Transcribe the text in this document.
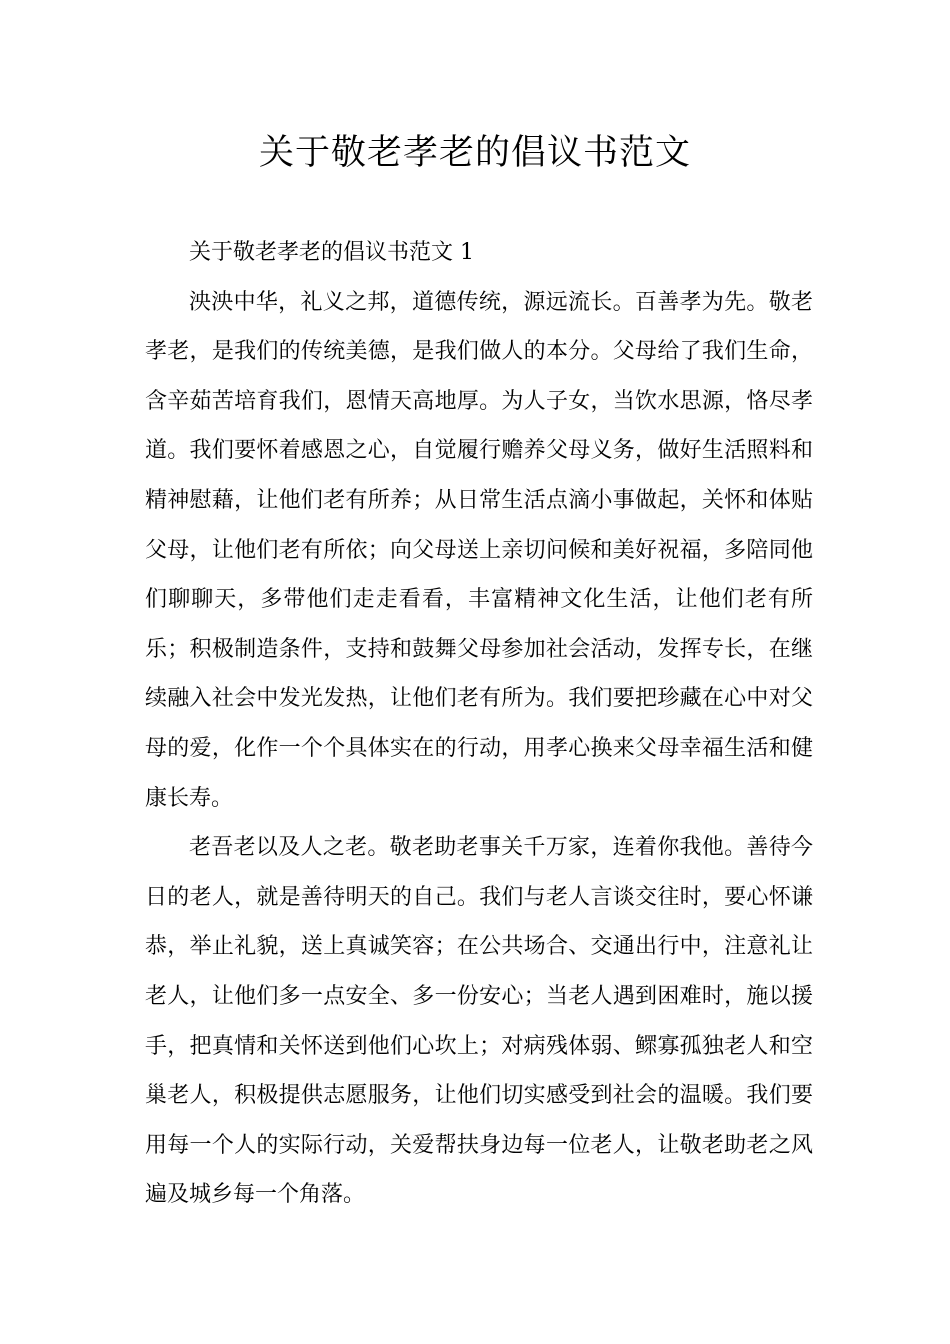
关于敬老孝老的倡议书范文

关于敬老孝老的倡议书范文 1

泱泱中华，礼义之邦，道德传统，源远流长。百善孝为先。敬老孝老，是我们的传统美德，是我们做人的本分。父母给了我们生命，含辛茹苦培育我们，恩情天高地厚。为人子女，当饮水思源，恪尽孝道。我们要怀着感恩之心，自觉履行赡养父母义务，做好生活照料和精神慰藉，让他们老有所养；从日常生活点滴小事做起，关怀和体贴父母，让他们老有所依；向父母送上亲切问候和美好祝福，多陪同他们聊聊天，多带他们走走看看，丰富精神文化生活，让他们老有所乐；积极制造条件，支持和鼓舞父母参加社会活动，发挥专长，在继续融入社会中发光发热，让他们老有所为。我们要把珍藏在心中对父母的爱，化作一个个具体实在的行动，用孝心换来父母幸福生活和健康长寿。

老吾老以及人之老。敬老助老事关千万家，连着你我他。善待今日的老人，就是善待明天的自己。我们与老人言谈交往时，要心怀谦恭，举止礼貌，送上真诚笑容；在公共场合、交通出行中，注意礼让老人，让他们多一点安全、多一份安心；当老人遇到困难时，施以援手，把真情和关怀送到他们心坎上；对病残体弱、鳏寡孤独老人和空巢老人，积极提供志愿服务，让他们切实感受到社会的温暖。我们要用每一个人的实际行动，关爱帮扶身边每一位老人，让敬老助老之风遍及城乡每一个角落。
